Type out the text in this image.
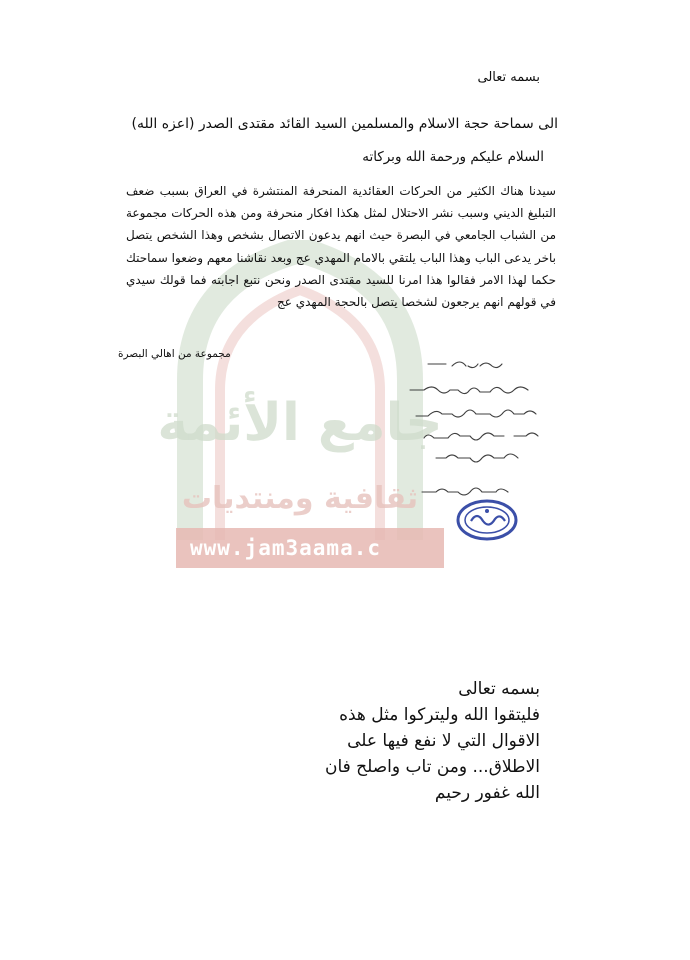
جامع الأئمة
ثقافية ومنتديات
www.jam3aama.c
بسمه تعالى
الى سماحة حجة الاسلام والمسلمين السيد القائد مقتدى الصدر (اعزه الله)
السلام عليكم ورحمة الله وبركاته
سيدنا هناك الكثير من الحركات العقائدية المنحرفة المنتشرة في العراق بسبب ضعف التبليغ الديني وسبب نشر الاحتلال لمثل هكذا افكار منحرفة ومن هذه الحركات مجموعة من الشباب الجامعي في البصرة حيث انهم يدعون الاتصال بشخص وهذا الشخص يتصل باخر يدعى الباب وهذا الباب يلتقي بالامام المهدي عج وبعد نقاشنا معهم وضعوا سماحتك حكما لهذا الامر فقالوا هذا امرنا للسيد مقتدى الصدر ونحن نتبع اجابته فما قولك سيدي في قولهم انهم يرجعون لشخصا يتصل بالحجة المهدي عج
مجموعة من اهالي البصرة
بسمه تعالى
فليتقوا الله وليتركوا مثل هذه
الاقوال التي لا نفع فيها على
الاطلاق... ومن تاب واصلح فان
الله غفور رحيم
